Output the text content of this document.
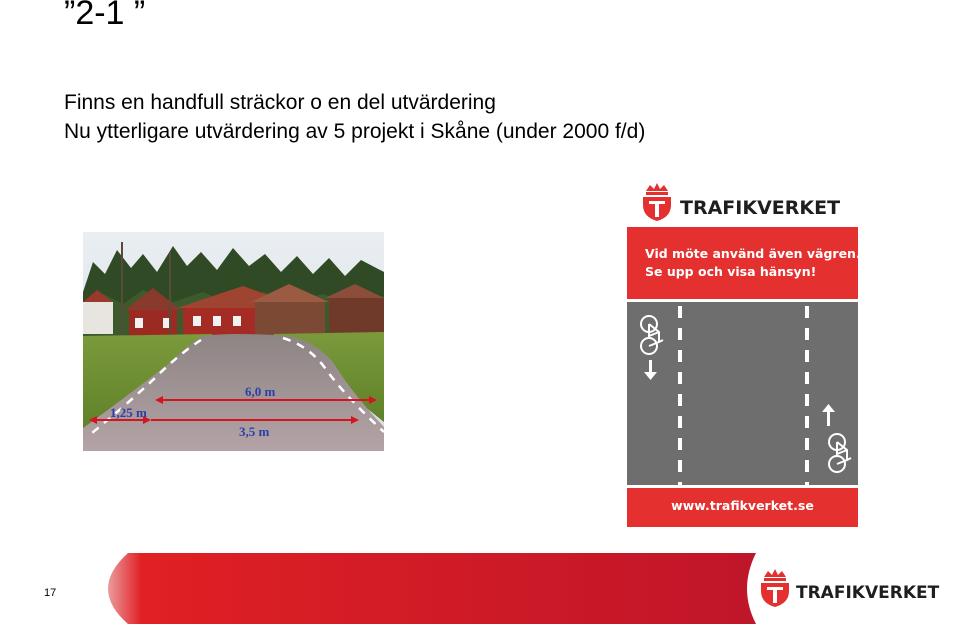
”2-1 ”
Finns en handfull sträckor o en del utvärdering
Nu ytterligare utvärdering av 5 projekt i Skåne (under 2000 f/d)
6,0 m
1,25 m
3,5 m
TRAFIKVERKET
Vid möte använd även vägren.
Se upp och visa hänsyn!
www.trafikverket.se
17	TRAFIKVERKET
